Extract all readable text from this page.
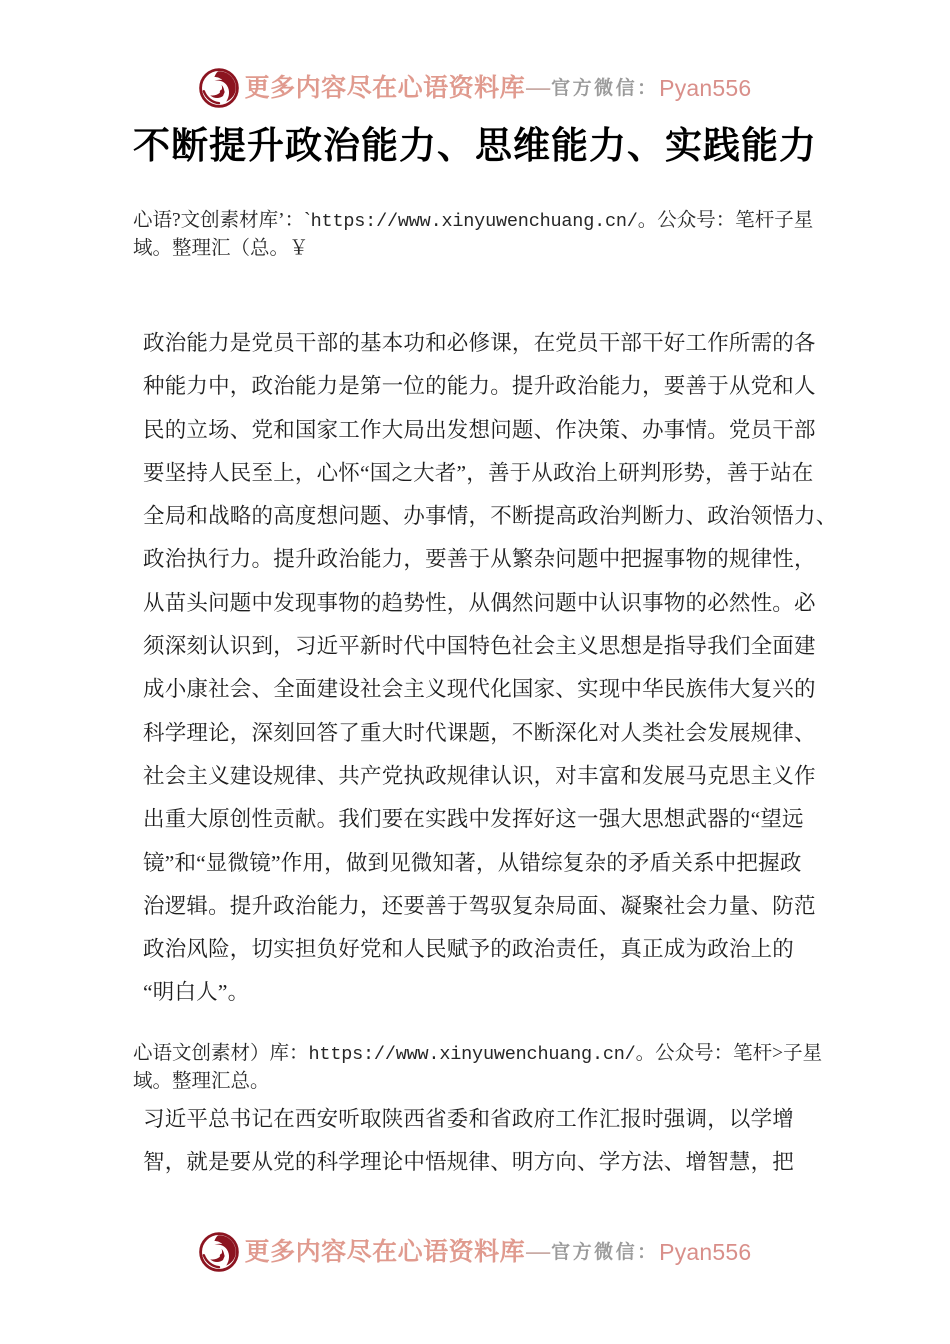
更多内容尽在心语资料库 — 官方微信 ： Pyan556
不断提升政治能力、思维能力、实践能力
心语?文创素材库’：`https://www.xinyuwenchuang.cn/。公众号：笔杆子星域。整理汇（总。￥
政治能力是党员干部的基本功和必修课，在党员干部干好工作所需的各
种能力中，政治能力是第一位的能力。提升政治能力，要善于从党和人
民的立场、党和国家工作大局出发想问题、作决策、办事情。党员干部
要坚持人民至上，心怀“国之大者”，善于从政治上研判形势，善于站在
全局和战略的高度想问题、办事情，不断提高政治判断力、政治领悟力、
政治执行力。提升政治能力，要善于从繁杂问题中把握事物的规律性，
从苗头问题中发现事物的趋势性，从偶然问题中认识事物的必然性。必
须深刻认识到，习近平新时代中国特色社会主义思想是指导我们全面建
成小康社会、全面建设社会主义现代化国家、实现中华民族伟大复兴的
科学理论，深刻回答了重大时代课题，不断深化对人类社会发展规律、
社会主义建设规律、共产党执政规律认识，对丰富和发展马克思主义作
出重大原创性贡献。我们要在实践中发挥好这一强大思想武器的“望远
镜”和“显微镜”作用，做到见微知著，从错综复杂的矛盾关系中把握政
治逻辑。提升政治能力，还要善于驾驭复杂局面、凝聚社会力量、防范
政治风险，切实担负好党和人民赋予的政治责任，真正成为政治上的
“明白人”。
心语文创素材）库：https://www.xinyuwenchuang.cn/。公众号：笔杆>子星域。整理汇总。
习近平总书记在西安听取陕西省委和省政府工作汇报时强调，以学增
智，就是要从党的科学理论中悟规律、明方向、学方法、增智慧，把
更多内容尽在心语资料库 — 官方微信 ： Pyan556
